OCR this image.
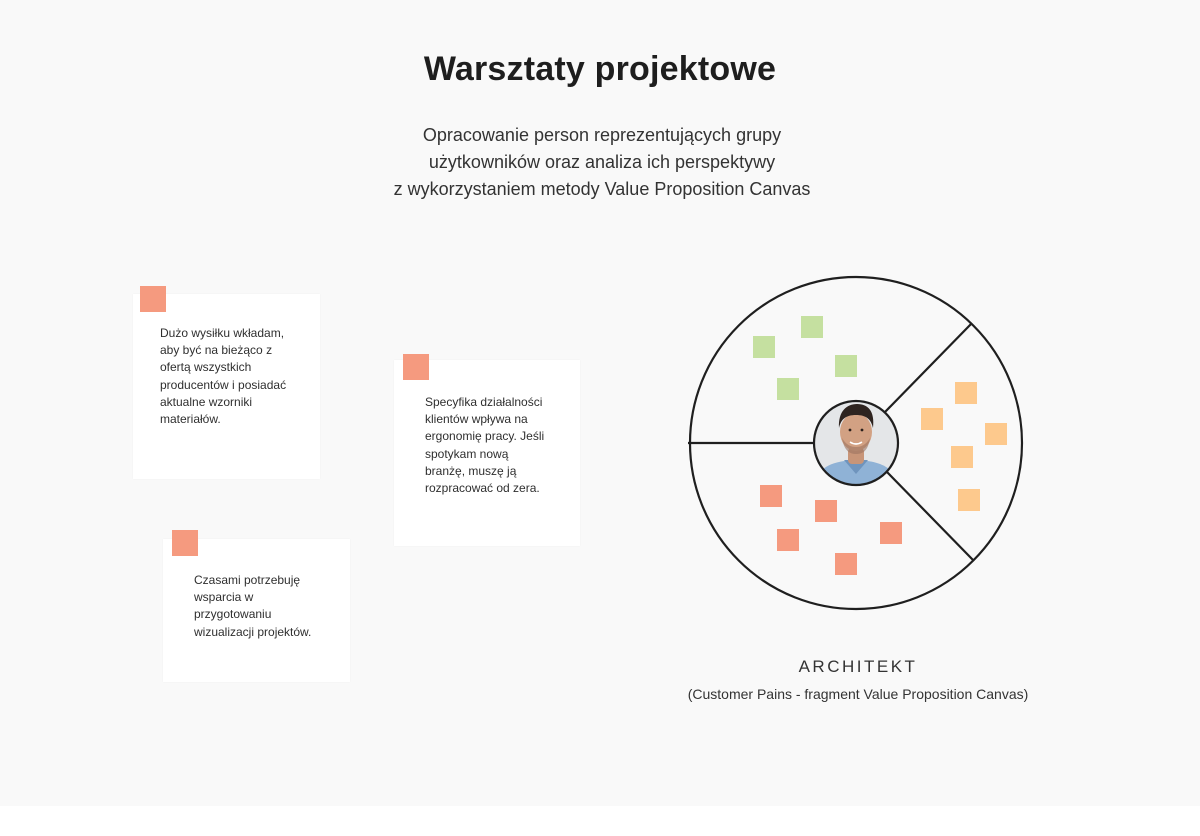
Warsztaty projektowe
Opracowanie person reprezentujących grupy
użytkowników oraz analiza ich perspektywy
z wykorzystaniem metody Value Proposition Canvas
Dużo wysiłku wkładam,
aby być na bieżąco z
ofertą wszystkich
producentów i posiadać
aktualne wzorniki
materiałów.
Specyfika działalności
klientów wpływa na
ergonomię pracy. Jeśli
spotykam nową
branżę, muszę ją
rozpracować od zera.
Czasami potrzebuję
wsparcia w
przygotowaniu
wizualizacji projektów.
ARCHITEKT
(Customer Pains - fragment Value Proposition Canvas)
